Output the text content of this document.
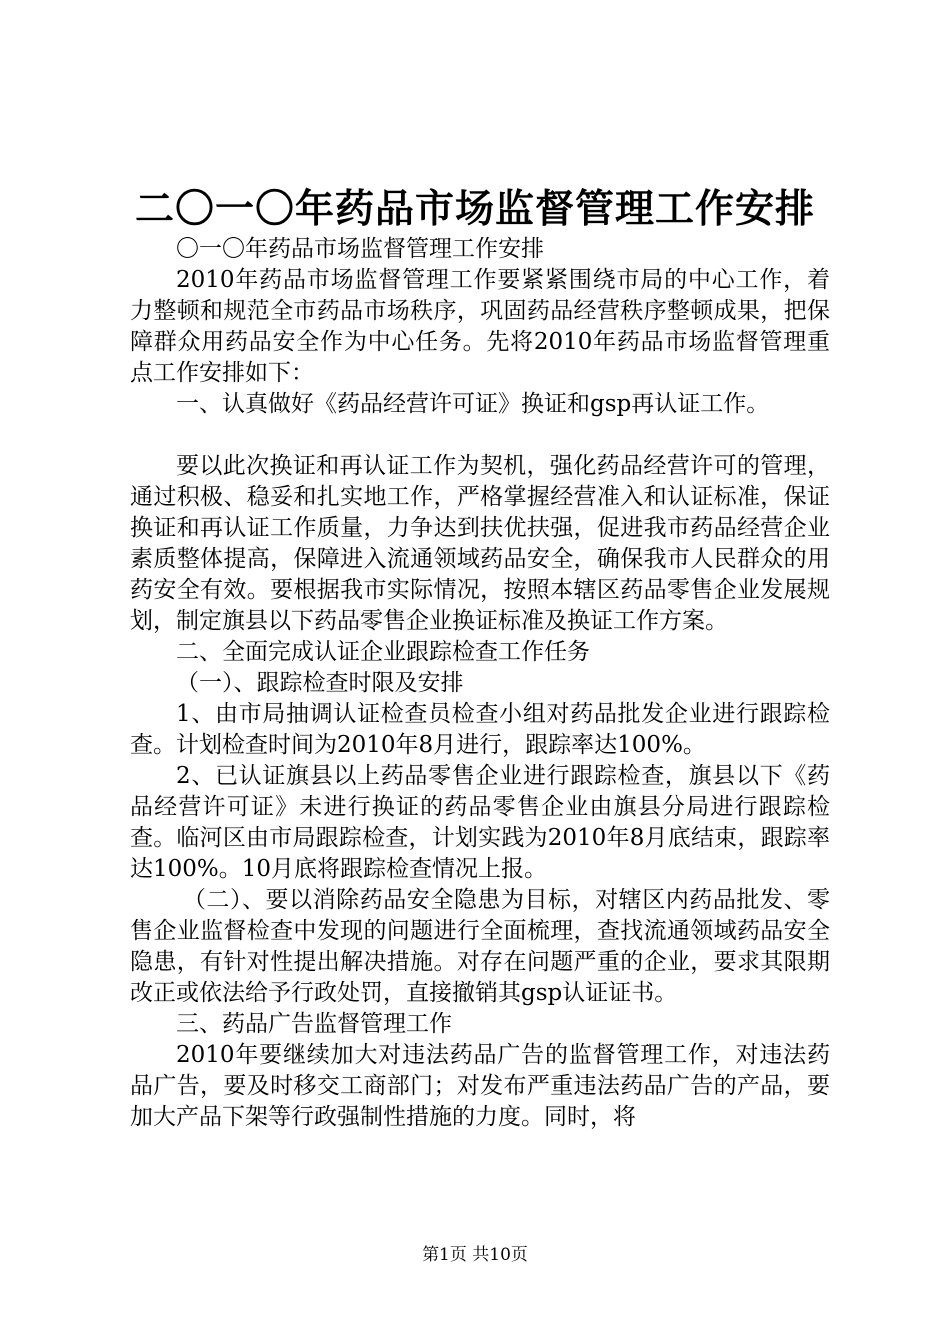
二〇一〇年药品市场监督管理工作安排

〇一〇年药品市场监督管理工作安排

2010年药品市场监督管理工作要紧紧围绕市局的中心工作，着力整顿和规范全市药品市场秩序，巩固药品经营秩序整顿成果，把保障群众用药品安全作为中心任务。先将2010年药品市场监督管理重点工作安排如下：

一、认真做好《药品经营许可证》换证和gsp再认证工作。

要以此次换证和再认证工作为契机，强化药品经营许可的管理，通过积极、稳妥和扎实地工作，严格掌握经营准入和认证标准，保证换证和再认证工作质量，力争达到扶优扶强，促进我市药品经营企业素质整体提高，保障进入流通领域药品安全，确保我市人民群众的用药安全有效。要根据我市实际情况，按照本辖区药品零售企业发展规划，制定旗县以下药品零售企业换证标准及换证工作方案。

二、全面完成认证企业跟踪检查工作任务

（一）、跟踪检查时限及安排

1、由市局抽调认证检查员检查小组对药品批发企业进行跟踪检查。计划检查时间为2010年8月进行，跟踪率达100%。

2、已认证旗县以上药品零售企业进行跟踪检查，旗县以下《药品经营许可证》未进行换证的药品零售企业由旗县分局进行跟踪检查。临河区由市局跟踪检查，计划实践为2010年8月底结束，跟踪率达100%。10月底将跟踪检查情况上报。

（二）、要以消除药品安全隐患为目标，对辖区内药品批发、零售企业监督检查中发现的问题进行全面梳理，查找流通领域药品安全隐患，有针对性提出解决措施。对存在问题严重的企业，要求其限期改正或依法给予行政处罚，直接撤销其gsp认证证书。

三、药品广告监督管理工作

2010年要继续加大对违法药品广告的监督管理工作，对违法药品广告，要及时移交工商部门；对发布严重违法药品广告的产品，要加大产品下架等行政强制性措施的力度。同时，将

第1页 共10页
